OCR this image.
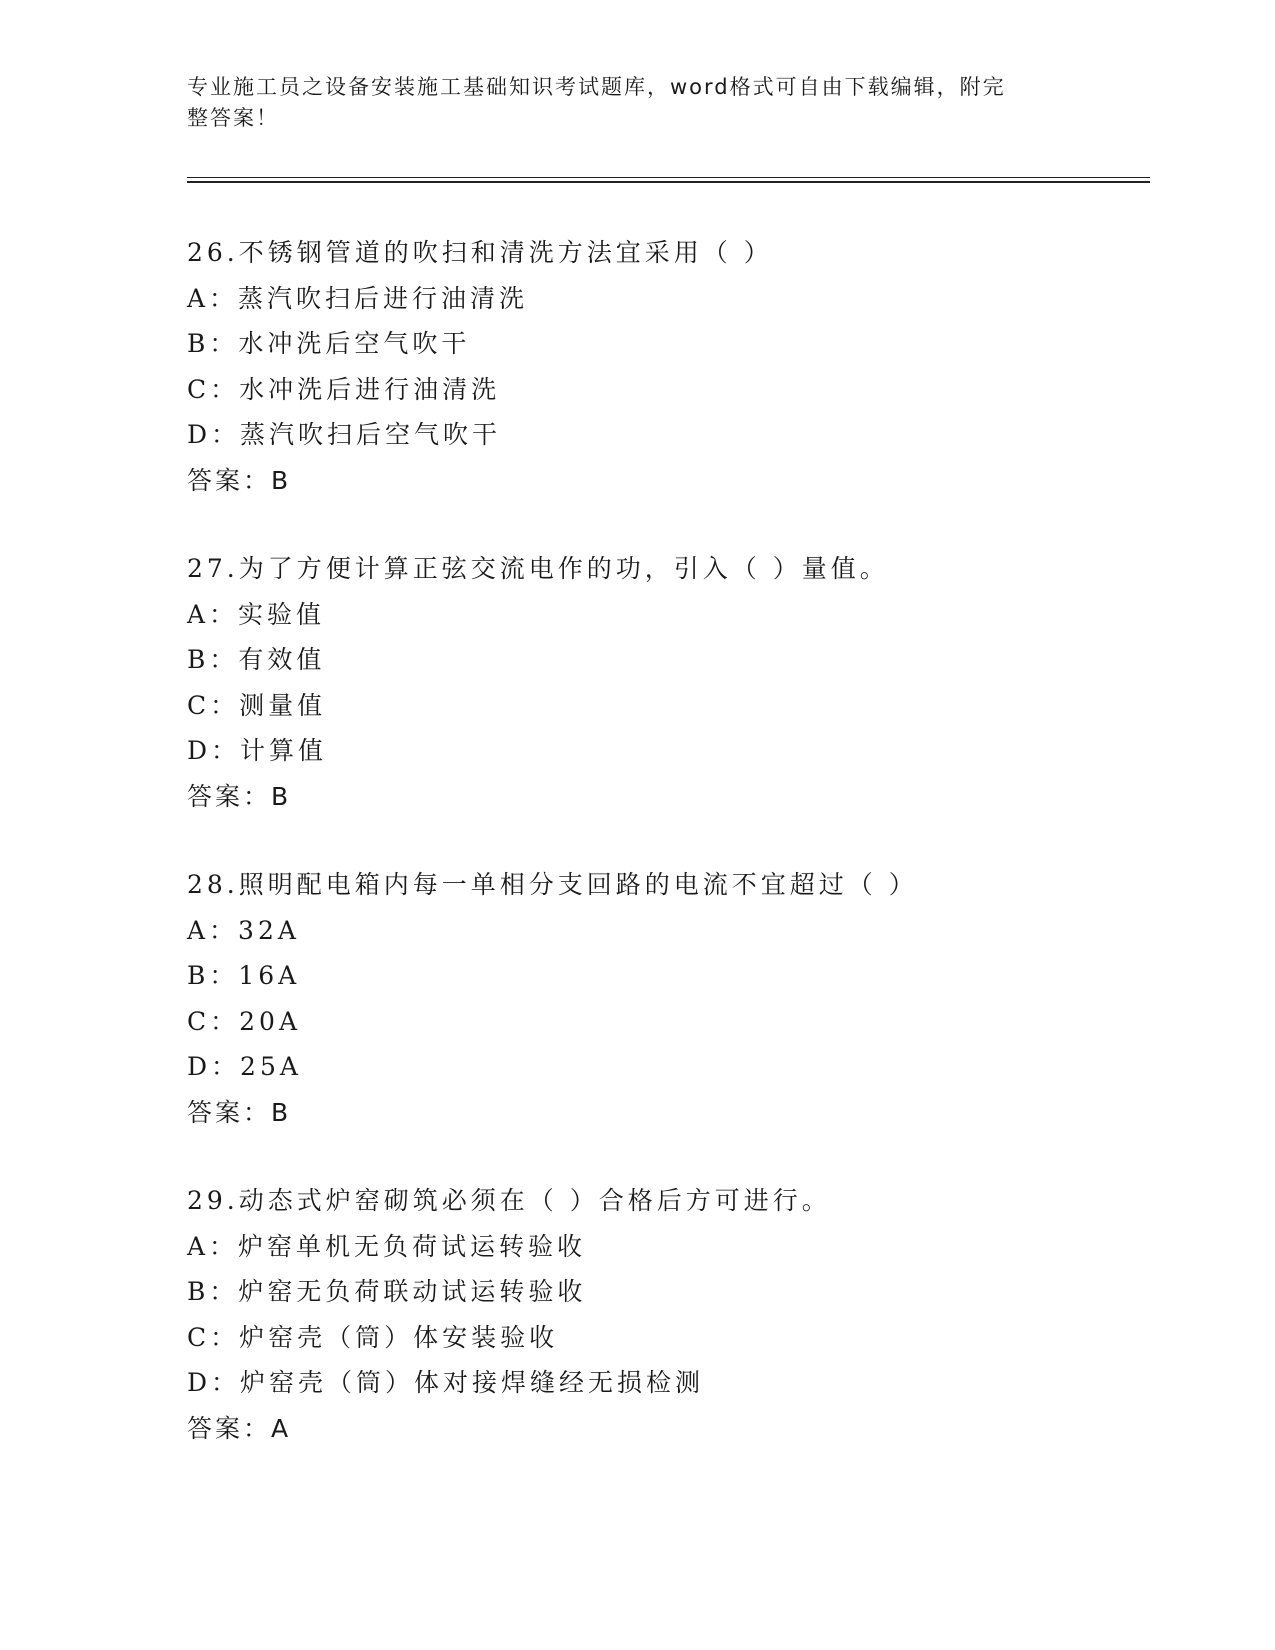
专业施工员之设备安装施工基础知识考试题库，word格式可自由下载编辑，附完
整答案！
26.不锈钢管道的吹扫和清洗方法宜采用（ ）
A：蒸汽吹扫后进行油清洗
B：水冲洗后空气吹干
C：水冲洗后进行油清洗
D：蒸汽吹扫后空气吹干
答案：B
27.为了方便计算正弦交流电作的功，引入（ ）量值。
A：实验值
B：有效值
C：测量值
D：计算值
答案：B
28.照明配电箱内每一单相分支回路的电流不宜超过（ ）
A：32A
B：16A
C：20A
D：25A
答案：B
29.动态式炉窑砌筑必须在（ ）合格后方可进行。
A：炉窑单机无负荷试运转验收
B：炉窑无负荷联动试运转验收
C：炉窑壳（筒）体安装验收
D：炉窑壳（筒）体对接焊缝经无损检测
答案：A
